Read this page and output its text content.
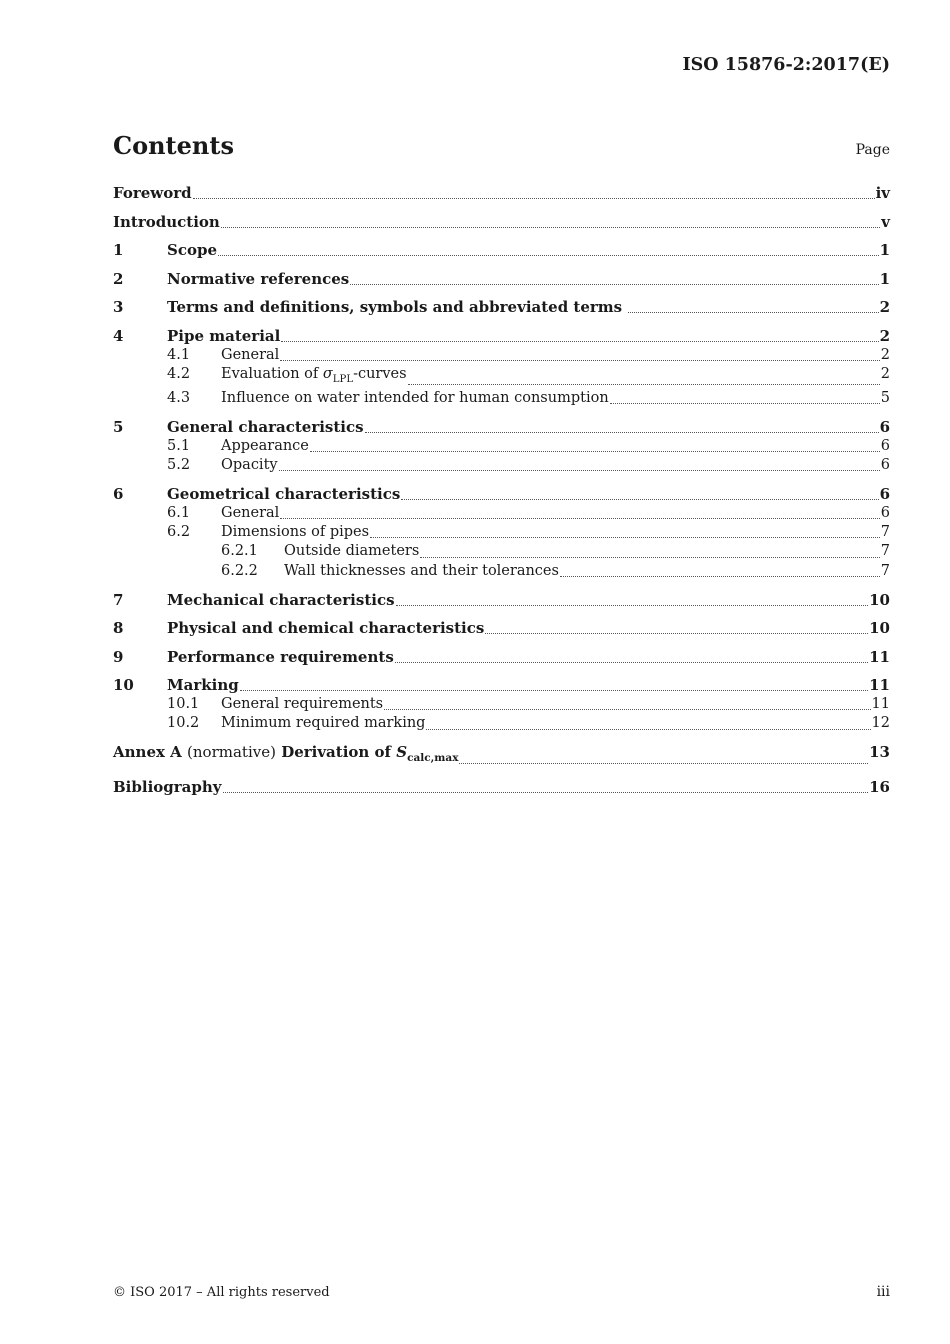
ISO 15876-2:2017(E)
Contents	Page
Foreword	iv
Introduction	v
1	Scope	1
2	Normative references	1
3	Terms and definitions, symbols and abbreviated terms	2
4	Pipe material	2
4.1	General	2
4.2	Evaluation of $\sigma_{LPL}$-curves	2
4.3	Influence on water intended for human consumption	5
5	General characteristics	6
5.1	Appearance	6
5.2	Opacity	6
6	Geometrical characteristics	6
6.1	General	6
6.2	Dimensions of pipes	7
6.2.1	Outside diameters	7
6.2.2	Wall thicknesses and their tolerances	7
7	Mechanical characteristics	10
8	Physical and chemical characteristics	10
9	Performance requirements	11
10	Marking	11
10.1	General requirements	11
10.2	Minimum required marking	12
Annex A (normative) Derivation of $S_{calc,max}$	13
Bibliography	16
© ISO 2017 – All rights reserved	iii
